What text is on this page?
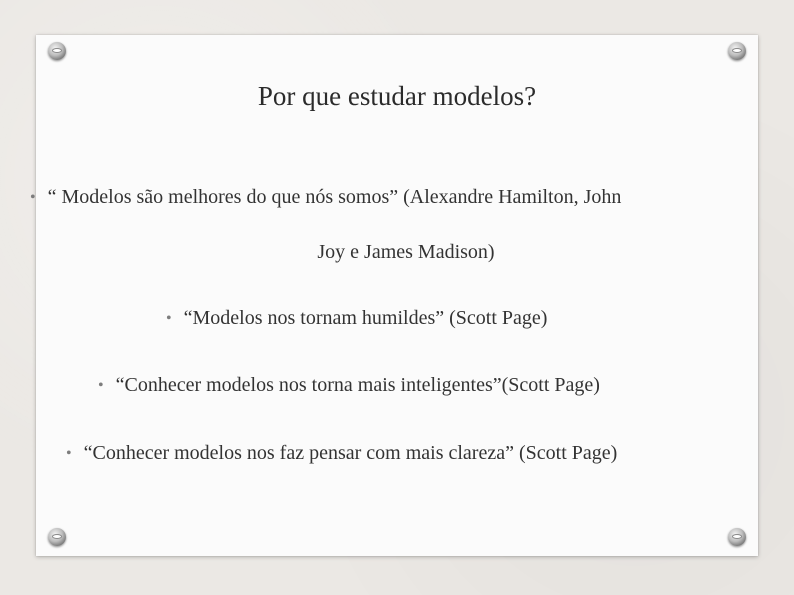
Por que estudar modelos?
• “ Modelos são melhores do que nós somos” (Alexandre Hamilton, John
Joy e James Madison)
• “Modelos nos tornam humildes” (Scott Page)
• “Conhecer modelos nos torna mais inteligentes”(Scott Page)
• “Conhecer modelos nos faz pensar com mais clareza” (Scott Page)
